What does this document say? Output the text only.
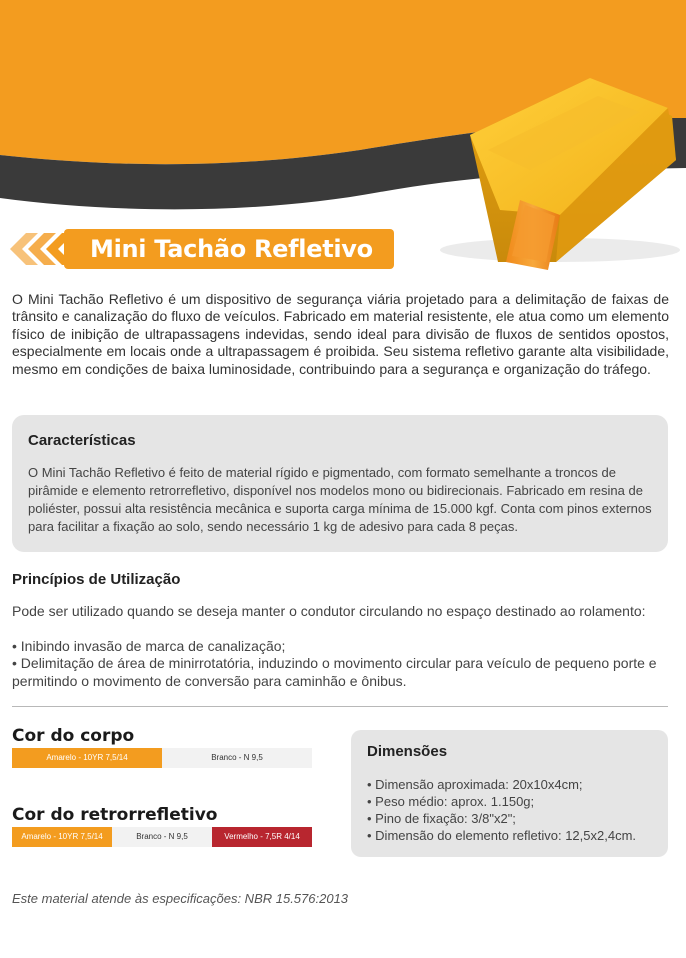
Mini Tachão Refletivo

O Mini Tachão Refletivo é um dispositivo de segurança viária projetado para a delimitação de faixas de trânsito e canalização do fluxo de veículos. Fabricado em material resistente, ele atua como um elemento físico de inibição de ultrapassagens indevidas, sendo ideal para divisão de fluxos de sentidos opostos, especialmente em locais onde a ultrapassagem é proibida. Seu sistema refletivo garante alta visibilidade, mesmo em condições de baixa luminosidade, contribuindo para a segurança e organização do tráfego.

Características

O Mini Tachão Refletivo é feito de material rígido e pigmentado, com formato semelhante a troncos de pirâmide e elemento retrorrefletivo, disponível nos modelos mono ou bidirecionais. Fabricado em resina de poliéster, possui alta resistência mecânica e suporta carga mínima de 15.000 kgf. Conta com pinos externos para facilitar a fixação ao solo, sendo necessário 1 kg de adesivo para cada 8 peças.

Princípios de Utilização
Pode ser utilizado quando se deseja manter o condutor circulando no espaço destinado ao rolamento:
• Inibindo invasão de marca de canalização;
• Delimitação de área de minirrotatória, induzindo o movimento circular para veículo de pequeno porte e permitindo o movimento de conversão para caminhão e ônibus.
Cor do corpo
Amarelo - 10YR 7,5/14	Branco - N 9,5
Cor do retrorrefletivo
Amarelo - 10YR 7,5/14	Branco - N 9,5	Vermelho - 7,5R 4/14
Dimensões
• Dimensão aproximada: 20x10x4cm;
• Peso médio: aprox. 1.150g;
• Pino de fixação: 3/8"x2";
• Dimensão do elemento refletivo: 12,5x2,4cm.
Este material atende às especificações: NBR 15.576:2013
